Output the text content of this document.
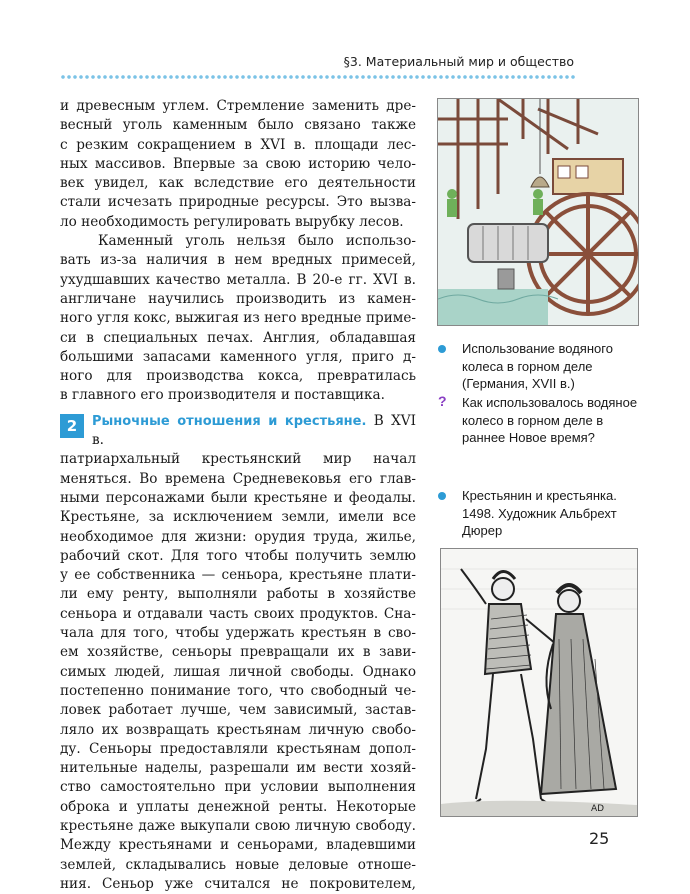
§3. Материальный мир и общество

и древесным углем. Стремление заменить дре-

весный уголь каменным было связано также

с резким сокращением в XVI в. площади лес-

ных массивов. Впервые за свою историю чело-

век увидел, как вследствие его деятельности

стали исчезать природные ресурсы. Это вызва-

ло необходимость регулировать вырубку лесов.

Каменный уголь нельзя было использо-

вать из-за наличия в нем вредных примесей,

ухудшавших качество металла. В 20-е гг. XVI в.

англичане научились производить из камен-

ного угля кокс, выжигая из него вредные приме-

си в специальных печах. Англия, обладавшая

большими запасами каменного угля, приго д-

ного для производства кокса, превратилась

в главного его производителя и поставщика.

2	Рыночные отношения и крестьяне. В XVI в.

патриархальный крестьянский мир начал

меняться. Во времена Средневековья его глав-

ными персонажами были крестьяне и феодалы.

Крестьяне, за исключением земли, имели все

необходимое для жизни: орудия труда, жилье,

рабочий скот. Для того чтобы получить землю

у ее собственника — сеньора, крестьяне плати-

ли ему ренту, выполняли работы в хозяйстве

сеньора и отдавали часть своих продуктов. Сна-

чала для того, чтобы удержать крестьян в сво-

ем хозяйстве, сеньоры превращали их в зави-

симых людей, лишая личной свободы. Однако

постепенно понимание того, что свободный че-

ловек работает лучше, чем зависимый, застав-

ляло их возвращать крестьянам личную свобо-

ду. Сеньоры предоставляли крестьянам допол-

нительные наделы, разрешали им вести хозяй-

ство самостоятельно при условии выполнения

оброка и уплаты денежной ренты. Некоторые

крестьяне даже выкупали свою личную свободу.

Между крестьянами и сеньорами, владевшими

землей, складывались новые деловые отноше-

ния. Сеньор уже считался не покровителем,

Использование водяного колеса в горном деле (Германия, XVII в.)
? Как использовалось водяное колесо в горном деле в раннее Новое время?
Крестьянин и крестьянка. 1498. Художник Альбрехт Дюрер
AD
25
